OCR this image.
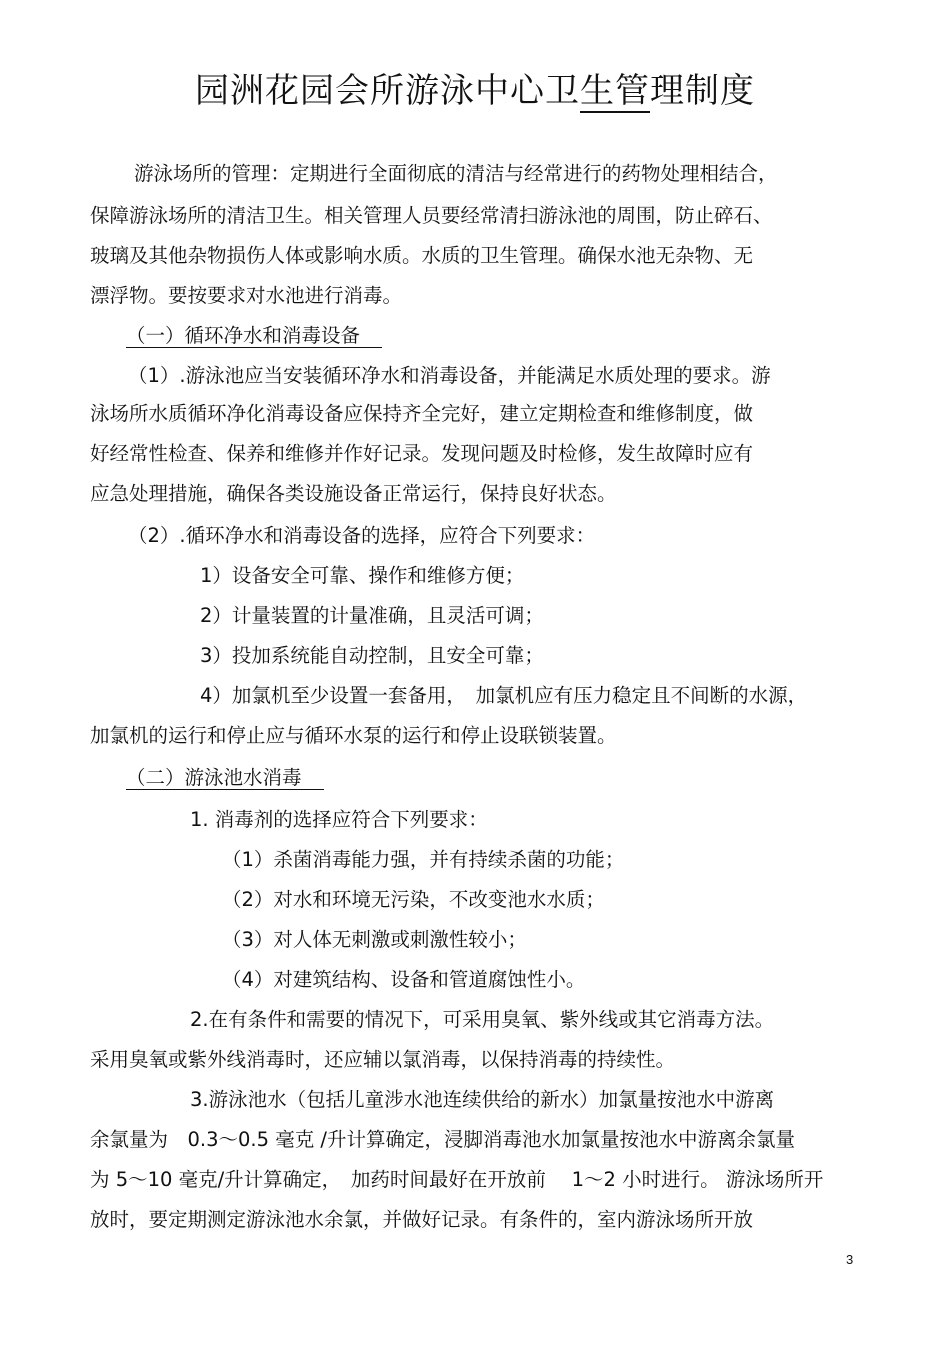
园洲花园会所游泳中心卫生管理制度
游泳场所的管理：定期进行全面彻底的清洁与经常进行的药物处理相结合，
保障游泳场所的清洁卫生。相关管理人员要经常清扫游泳池的周围，防止碎石、
玻璃及其他杂物损伤人体或影响水质。水质的卫生管理。确保水池无杂物、无
漂浮物。要按要求对水池进行消毒。
（一）循环净水和消毒设备
（1）.游泳池应当安装循环净水和消毒设备，并能满足水质处理的要求。游
泳场所水质循环净化消毒设备应保持齐全完好，建立定期检查和维修制度，做
好经常性检查、保养和维修并作好记录。发现问题及时检修，发生故障时应有
应急处理措施，确保各类设施设备正常运行，保持良好状态。
（2）.循环净水和消毒设备的选择，应符合下列要求：
1）设备安全可靠、操作和维修方便；
2）计量装置的计量准确，且灵活可调；
3）投加系统能自动控制，且安全可靠；
4）加氯机至少设置一套备用，　加氯机应有压力稳定且不间断的水源，
加氯机的运行和停止应与循环水泵的运行和停止设联锁装置。
（二）游泳池水消毒
1. 消毒剂的选择应符合下列要求：
（1）杀菌消毒能力强，并有持续杀菌的功能；
（2）对水和环境无污染，不改变池水水质；
（3）对人体无刺激或刺激性较小；
（4）对建筑结构、设备和管道腐蚀性小。
2.在有条件和需要的情况下，可采用臭氧、紫外线或其它消毒方法。
采用臭氧或紫外线消毒时，还应辅以氯消毒，以保持消毒的持续性。
3.游泳池水（包括儿童涉水池连续供给的新水）加氯量按池水中游离
余氯量为　0.3～0.5 毫克 /升计算确定，浸脚消毒池水加氯量按池水中游离余氯量
为 5～10 毫克/升计算确定，　加药时间最好在开放前　 1～2 小时进行。 游泳场所开
放时，要定期测定游泳池水余氯，并做好记录。有条件的，室内游泳场所开放
3
